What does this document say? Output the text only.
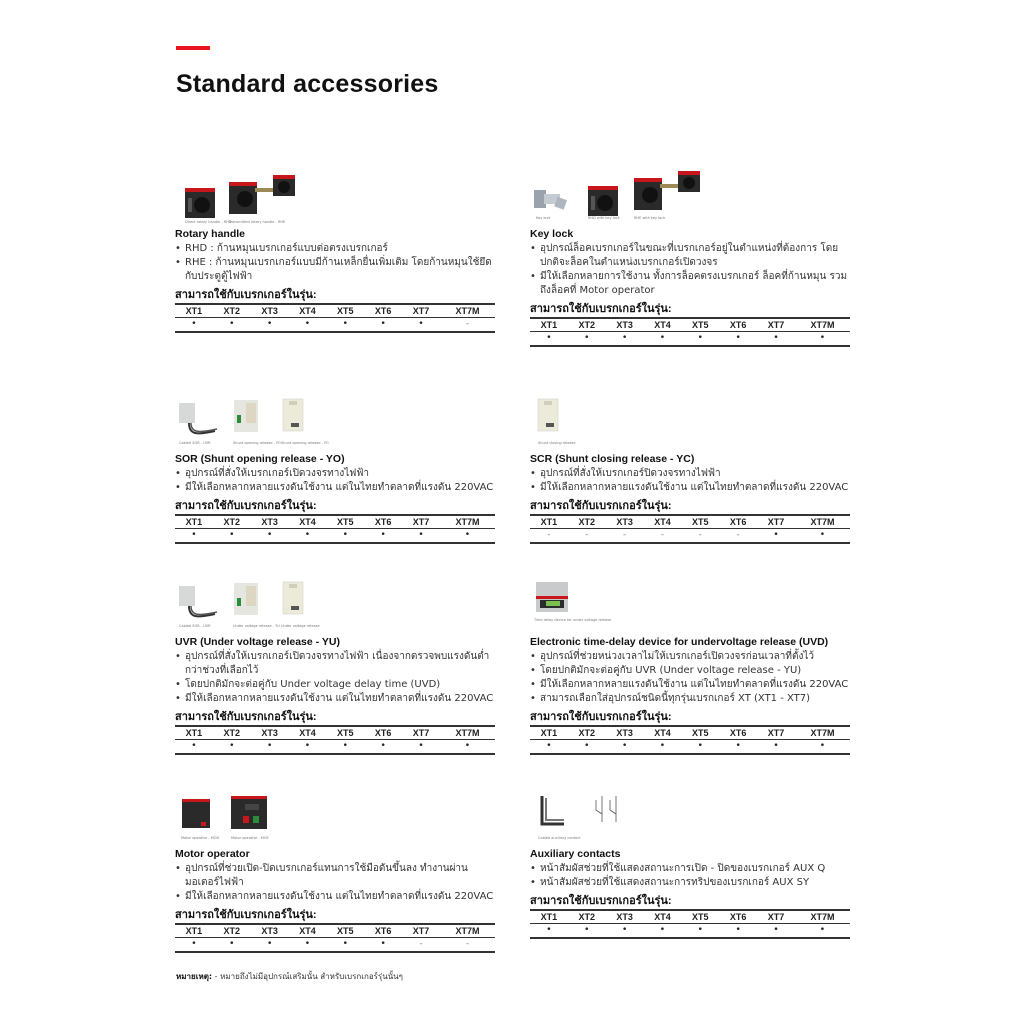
Standard accessories
Direct rotary handle - RHD
Transmitted rotary handle - RHE
Rotary handle
• RHD : ก้านหมุนเบรกเกอร์แบบต่อตรงเบรกเกอร์
• RHE : ก้านหมุนเบรกเกอร์แบบมีก้านเหล็กยื่นเพิ่มเติม โดยก้านหมุนใช้ยึดกับประตูตู้ไฟฟ้า
สามารถใช้กับเบรกเกอร์ในรุ่น:
XT1	XT2	XT3	XT4	XT5	XT6	XT7	XT7M
•	•	•	•	•	•	•	-
Key lock	RHD with key lock	RHE with key lock
Key lock
• อุปกรณ์ล็อคเบรกเกอร์ในขณะที่เบรกเกอร์อยู่ในตำแหน่งที่ต้องการ โดยปกติจะล็อคในตำแหน่งเบรกเกอร์เปิดวงจร
• มีให้เลือกหลายการใช้งาน ทั้งการล็อคตรงเบรกเกอร์ ล็อคที่ก้านหมุน รวมถึงล็อคที่ Motor operator
สามารถใช้กับเบรกเกอร์ในรุ่น:
XT1	XT2	XT3	XT4	XT5	XT6	XT7	XT7M
•	•	•	•	•	•	•	•
Cabled SOR - UVR	Shunt opening release - YO Shunt opening release - YO
SOR (Shunt opening release - YO)
• อุปกรณ์ที่สั่งให้เบรกเกอร์เปิดวงจรทางไฟฟ้า
• มีให้เลือกหลากหลายแรงดันใช้งาน แต่ในไทยทำตลาดที่แรงดัน 220VAC
สามารถใช้กับเบรกเกอร์ในรุ่น:
XT1	XT2	XT3	XT4	XT5	XT6	XT7	XT7M
•	•	•	•	•	•	•	•
Shunt closing release
SCR (Shunt closing release - YC)
• อุปกรณ์ที่สั่งให้เบรกเกอร์ปิดวงจรทางไฟฟ้า
• มีให้เลือกหลากหลายแรงดันใช้งาน แต่ในไทยทำตลาดที่แรงดัน 220VAC
สามารถใช้กับเบรกเกอร์ในรุ่น:
XT1	XT2	XT3	XT4	XT5	XT6	XT7	XT7M
-	-	-	-	-	-	•	•
Cabled SOR - UVR	Under voltage release - YU Under voltage release
UVR (Under voltage release - YU)
• อุปกรณ์ที่สั่งให้เบรกเกอร์เปิดวงจรทางไฟฟ้า เนื่องจากตรวจพบแรงดันต่ำกว่าช่วงที่เลือกไว้
• โดยปกติมักจะต่อคู่กับ Under voltage delay time (UVD)
• มีให้เลือกหลากหลายแรงดันใช้งาน แต่ในไทยทำตลาดที่แรงดัน 220VAC
สามารถใช้กับเบรกเกอร์ในรุ่น:
XT1	XT2	XT3	XT4	XT5	XT6	XT7	XT7M
•	•	•	•	•	•	•	•
Time delay device for under voltage release
Electronic time-delay device for undervoltage release (UVD)
• อุปกรณ์ที่ช่วยหน่วงเวลาไม่ให้เบรกเกอร์เปิดวงจรก่อนเวลาที่ตั้งไว้
• โดยปกติมักจะต่อคู่กับ UVR (Under voltage release - YU)
• มีให้เลือกหลากหลายแรงดันใช้งาน แต่ในไทยทำตลาดที่แรงดัน 220VAC
• สามารถเลือกใส่อุปกรณ์ชนิดนี้ทุกรุ่นเบรกเกอร์ XT (XT1 - XT7)
สามารถใช้กับเบรกเกอร์ในรุ่น:
XT1	XT2	XT3	XT4	XT5	XT6	XT7	XT7M
•	•	•	•	•	•	•	•
Motor operator - MOD	Motor operator - MOE
Motor operator
• อุปกรณ์ที่ช่วยเปิด-ปิดเบรกเกอร์แทนการใช้มือดันขึ้นลง ทำงานผ่านมอเตอร์ไฟฟ้า
• มีให้เลือกหลากหลายแรงดันใช้งาน แต่ในไทยทำตลาดที่แรงดัน 220VAC
สามารถใช้กับเบรกเกอร์ในรุ่น:
XT1	XT2	XT3	XT4	XT5	XT6	XT7	XT7M
•	•	•	•	•	•	-	-
Cabled auxiliary contact
Auxiliary contacts
• หน้าสัมผัสช่วยที่ใช้แสดงสถานะการเปิด - ปิดของเบรกเกอร์ AUX Q
• หน้าสัมผัสช่วยที่ใช้แสดงสถานะการทริปของเบรกเกอร์ AUX SY
สามารถใช้กับเบรกเกอร์ในรุ่น:
XT1	XT2	XT3	XT4	XT5	XT6	XT7	XT7M
•	•	•	•	•	•	•	•
หมายเหตุ: - หมายถึงไม่มีอุปกรณ์เสริมนั้น สำหรับเบรกเกอร์รุ่นนั้นๆ
